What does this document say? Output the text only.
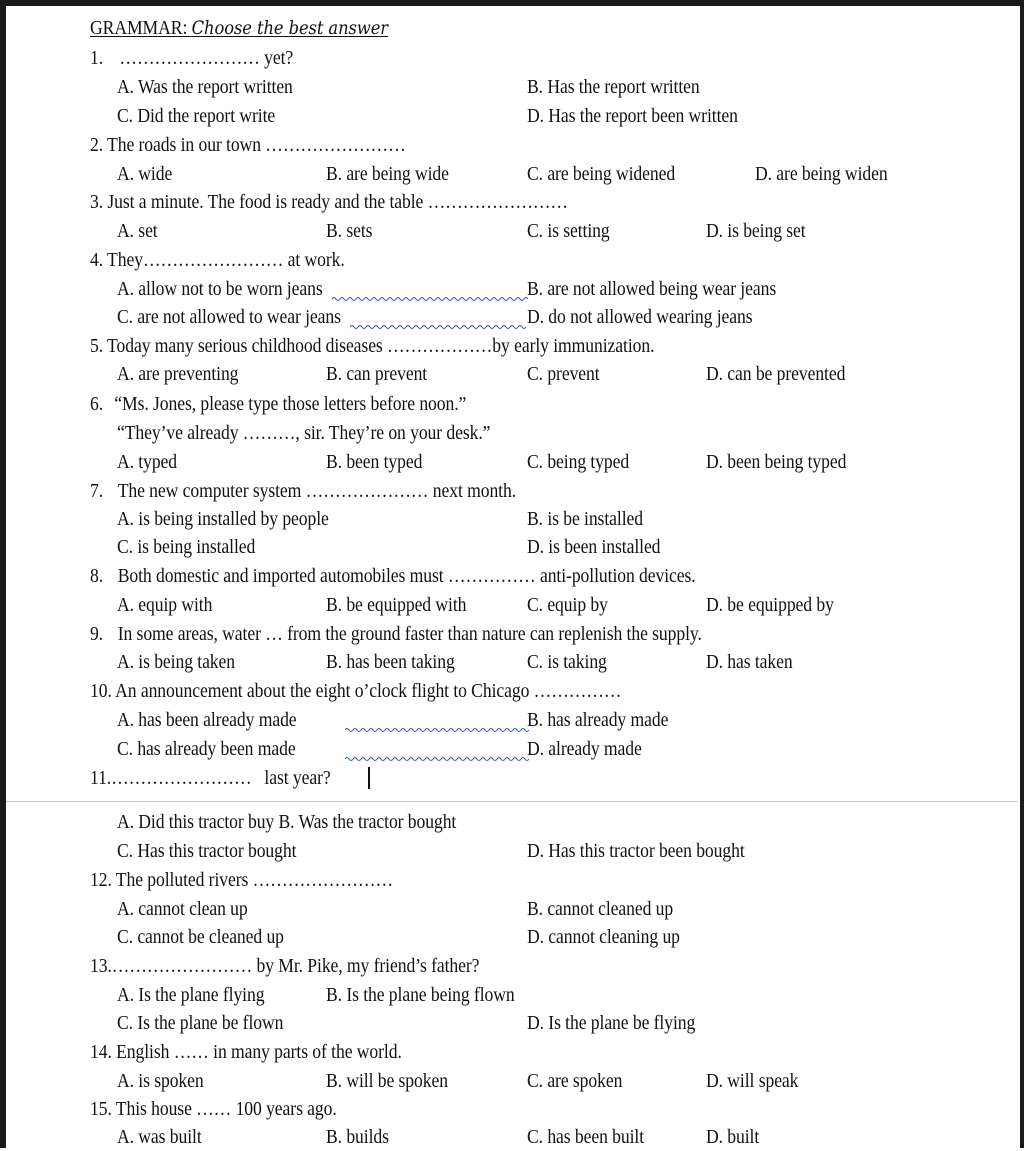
GRAMMAR: Choose the best answer
1. …………………… yet?
A. Was the report written	B. Has the report written
C. Did the report write	D. Has the report been written
2. The roads in our town ……………………
A. wide	B. are being wide	C. are being widened	D. are being widen
3. Just a minute. The food is ready and the table ……………………
A. set	B. sets	C. is setting	D. is being set
4. They…………………… at work.
A. allow not to be worn jeans	B. are not allowed being wear jeans
C. are not allowed to wear jeans	D. do not allowed wearing jeans
5. Today many serious childhood diseases ………………by early immunization.
A. are preventing	B. can prevent	C. prevent	D. can be prevented
6. “Ms. Jones, please type those letters before noon.”
“They’ve already ………, sir. They’re on your desk.”
A. typed	B. been typed	C. being typed	D. been being typed
7. The new computer system ………………… next month.
A. is being installed by people	B. is be installed
C. is being installed	D. is been installed
8. Both domestic and imported automobiles must …………… anti-pollution devices.
A. equip with	B. be equipped with	C. equip by	D. be equipped by
9. In some areas, water … from the ground faster than nature can replenish the supply.
A. is being taken	B. has been taking	C. is taking	D. has taken
10. An announcement about the eight o’clock flight to Chicago ……………
A. has been already made	B. has already made
C. has already been made	D. already made
11.…………………… last year?
A. Did this tractor buy B. Was the tractor bought
C. Has this tractor bought	D. Has this tractor been bought
12. The polluted rivers ……………………
A. cannot clean up	B. cannot cleaned up
C. cannot be cleaned up	D. cannot cleaning up
13.…………………… by Mr. Pike, my friend’s father?
A. Is the plane flying	B. Is the plane being flown
C. Is the plane be flown	D. Is the plane be flying
14. English …… in many parts of the world.
A. is spoken	B. will be spoken	C. are spoken	D. will speak
15. This house …… 100 years ago.
A. was built	B. builds	C. has been built	D. built
